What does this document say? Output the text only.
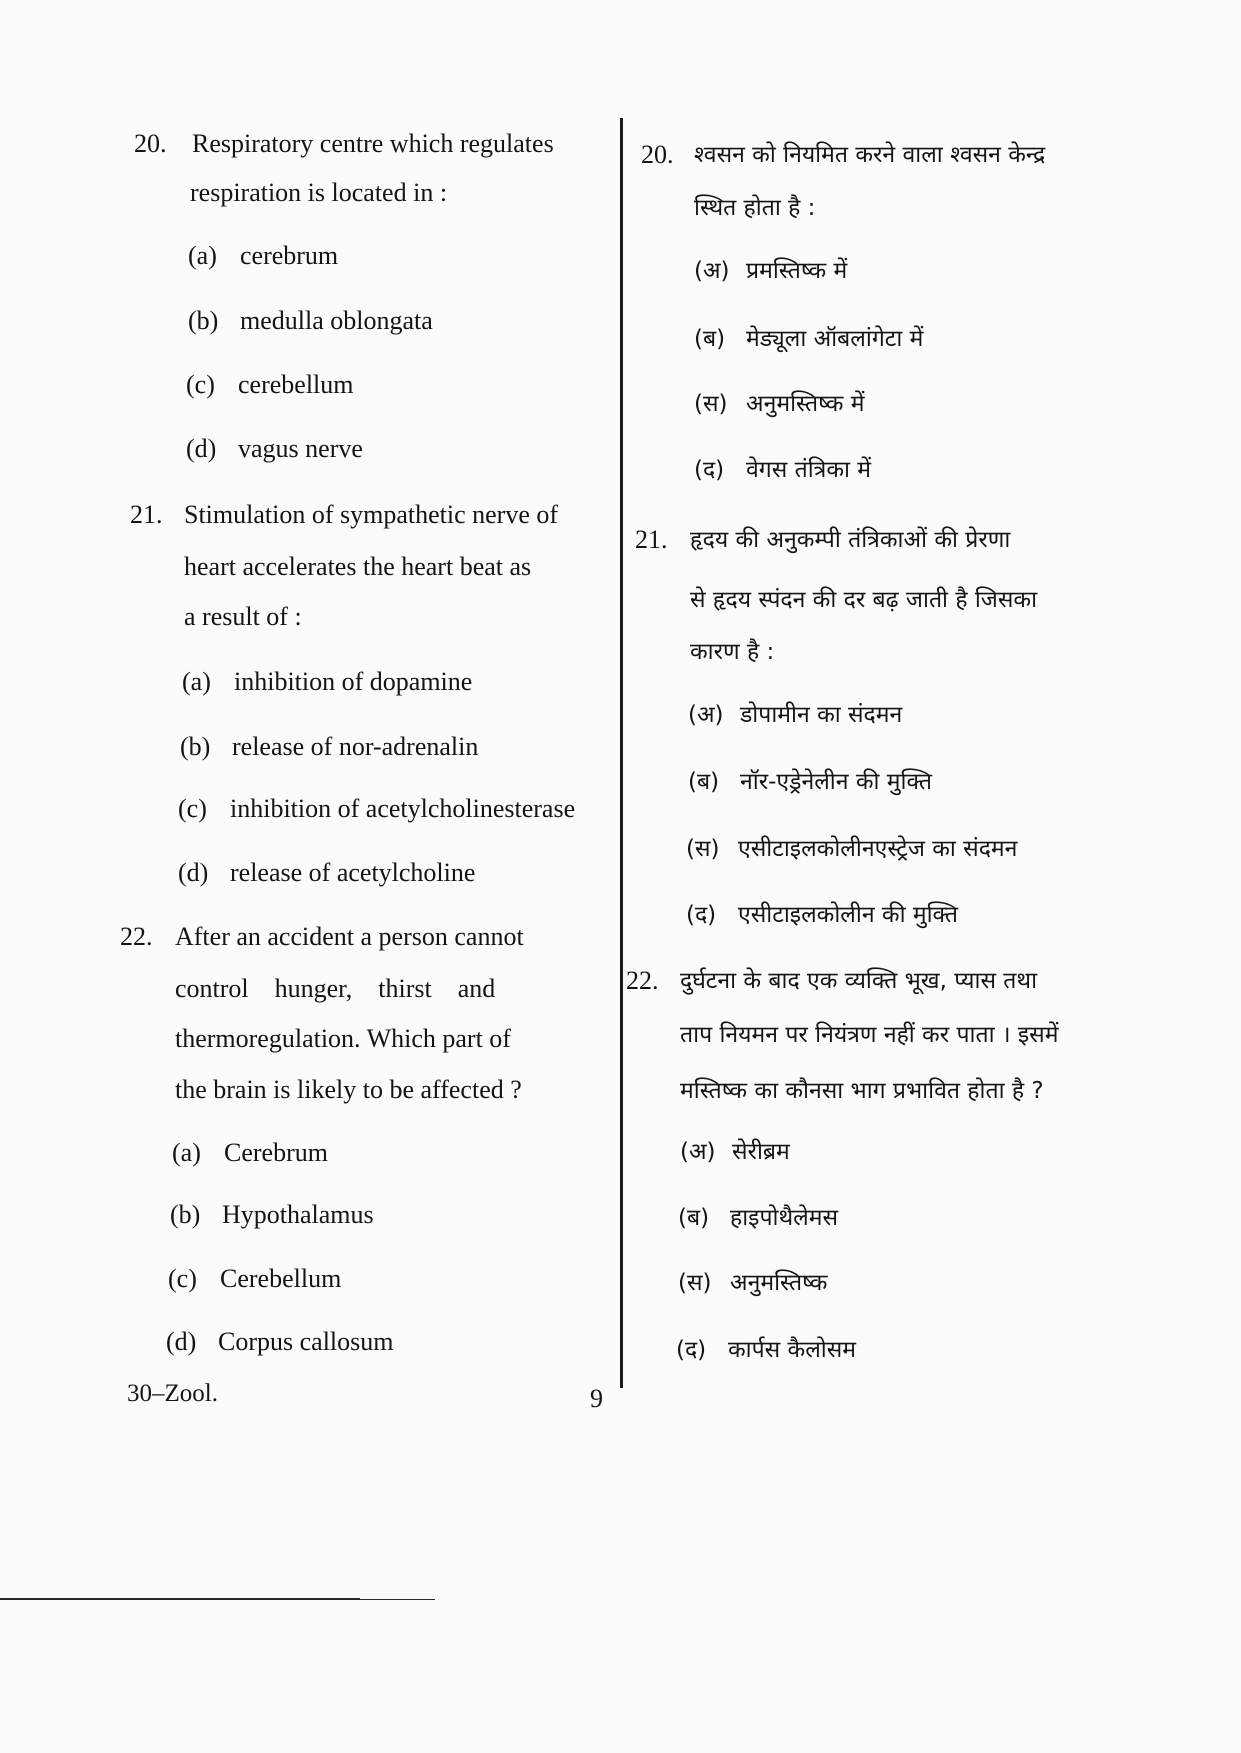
20. Respiratory centre which regulates
respiration is located in :
(a) cerebrum
(b) medulla oblongata
(c) cerebellum
(d) vagus nerve
21. Stimulation of sympathetic nerve of
heart accelerates the heart beat as
a result of :
(a) inhibition of dopamine
(b) release of nor-adrenalin
(c) inhibition of acetylcholinesterase
(d) release of acetylcholine
22. After an accident a person cannot
control    hunger,    thirst    and
thermoregulation. Which part of
the brain is likely to be affected ?
(a) Cerebrum
(b) Hypothalamus
(c) Cerebellum
(d) Corpus callosum
20. श्वसन को नियमित करने वाला श्वसन केन्द्र
स्थित होता है :
(अ) प्रमस्तिष्क में
(ब) मेड्यूला ऑबलांगेटा में
(स) अनुमस्तिष्क में
(द) वेगस तंत्रिका में
21. हृदय की अनुकम्पी तंत्रिकाओं की प्रेरणा
से हृदय स्पंदन की दर बढ़ जाती है जिसका
कारण है :
(अ) डोपामीन का संदमन
(ब) नॉर-एड्रेनेलीन की मुक्ति
(स) एसीटाइलकोलीनएस्ट्रेज का संदमन
(द) एसीटाइलकोलीन की मुक्ति
22. दुर्घटना के बाद एक व्यक्ति भूख, प्यास तथा
ताप नियमन पर नियंत्रण नहीं कर पाता । इसमें
मस्तिष्क का कौनसा भाग प्रभावित होता है ?
(अ) सेरीब्रम
(ब) हाइपोथैलेमस
(स) अनुमस्तिष्क
(द) कार्पस कैलोसम
30–Zool.	9
